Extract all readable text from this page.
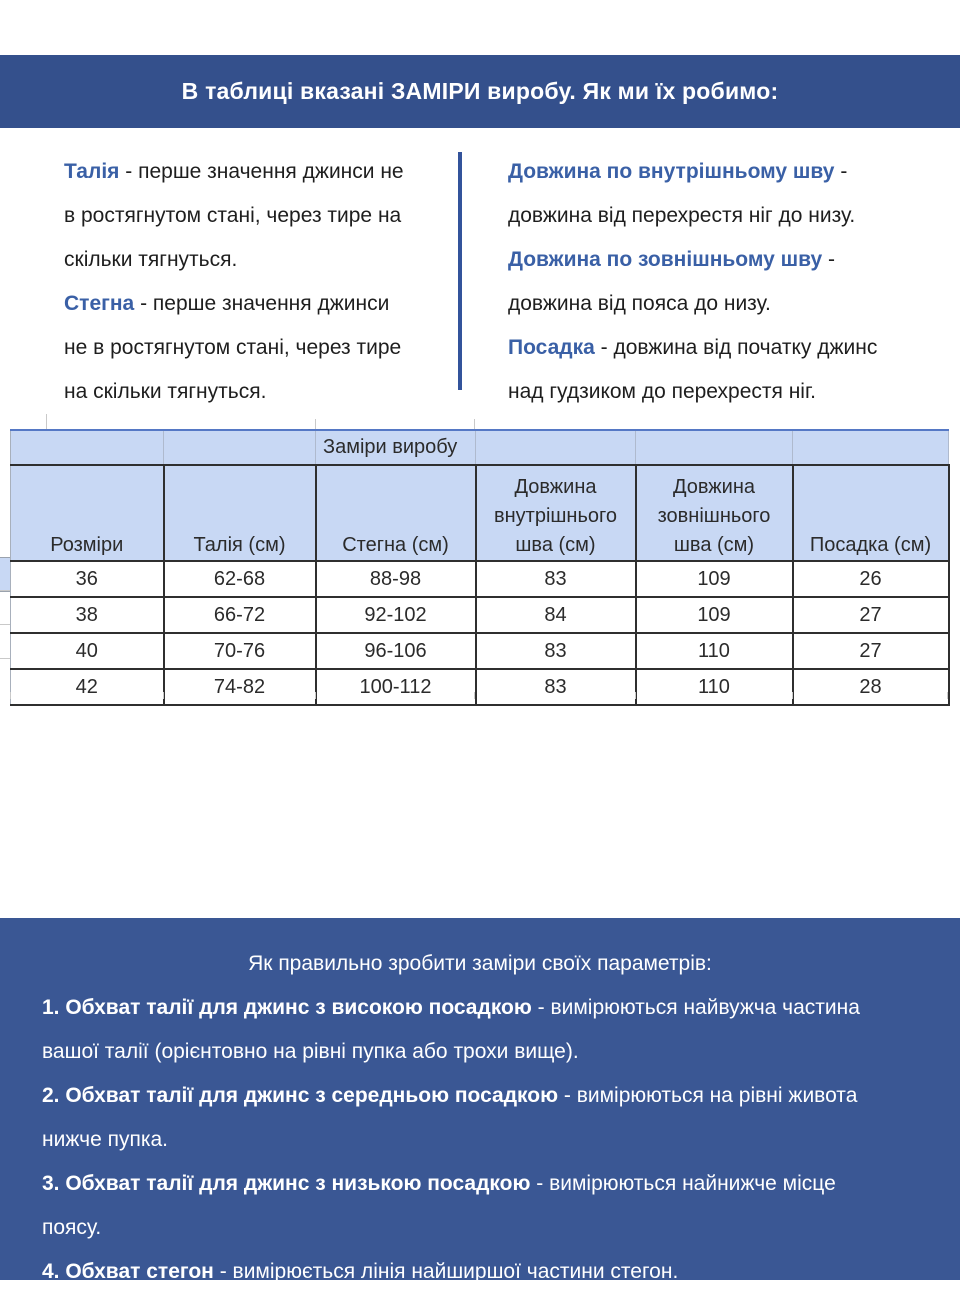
В таблиці вказані ЗАМІРИ виробу. Як ми їх робимо:
Талія - перше значення джинси не
в ростягнутом стані, через тире на
скільки тягнуться.
Стегна - перше значення джинси
не в ростягнутом стані, через тире
на скільки тягнуться.
Довжина по внутрішньому шву -
довжина від перехрестя ніг до низу.
Довжина по зовнішньому шву -
довжина від пояса до низу.
Посадка - довжина від початку джинс
над гудзиком до перехрестя ніг.
		Заміри виробу			
Розміри	Талія (см)	Стегна (см)	Довжина внутрішнього шва (см)	Довжина зовнішнього шва (см)	Посадка (см)
36	62-68	88-98	83	109	26
38	66-72	92-102	84	109	27
40	70-76	96-106	83	110	27
42	74-82	100-112	83	110	28
Як правильно зробити заміри своїх параметрів:
1. Обхват талії для джинс з високою посадкою - вимірюються найвужча частина
вашої талії (орієнтовно на рівні пупка або трохи вище).
2. Обхват талії для джинс з середньою посадкою - вимірюються на рівні живота
нижче пупка.
3. Обхват талії для джинс з низькою посадкою - вимірюються найнижче місце
поясу.
4. Обхват стегон - вимірюється лінія найширшої частини стегон.
